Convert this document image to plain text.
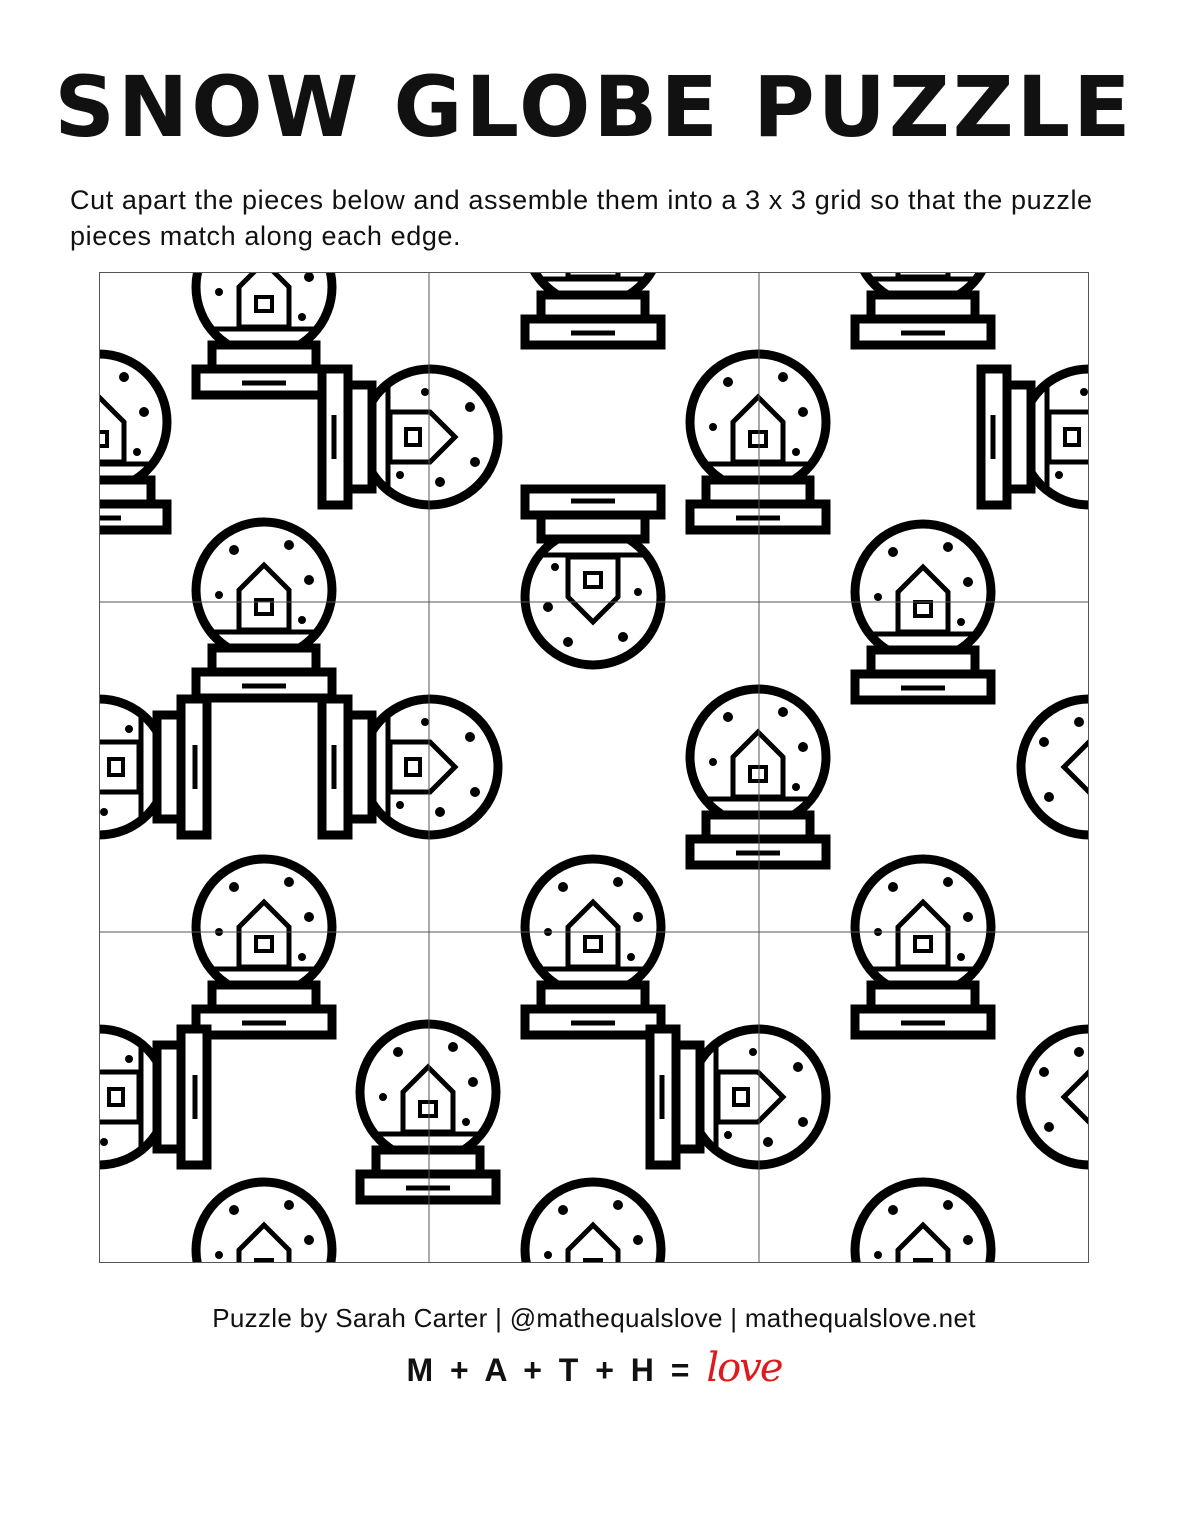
SNOW GLOBE PUZZLE
Cut apart the pieces below and assemble them into a 3 x 3 grid so that the puzzle pieces match along each edge.
Puzzle by Sarah Carter | @mathequalslove | mathequalslove.net
M + A + T + H = love
